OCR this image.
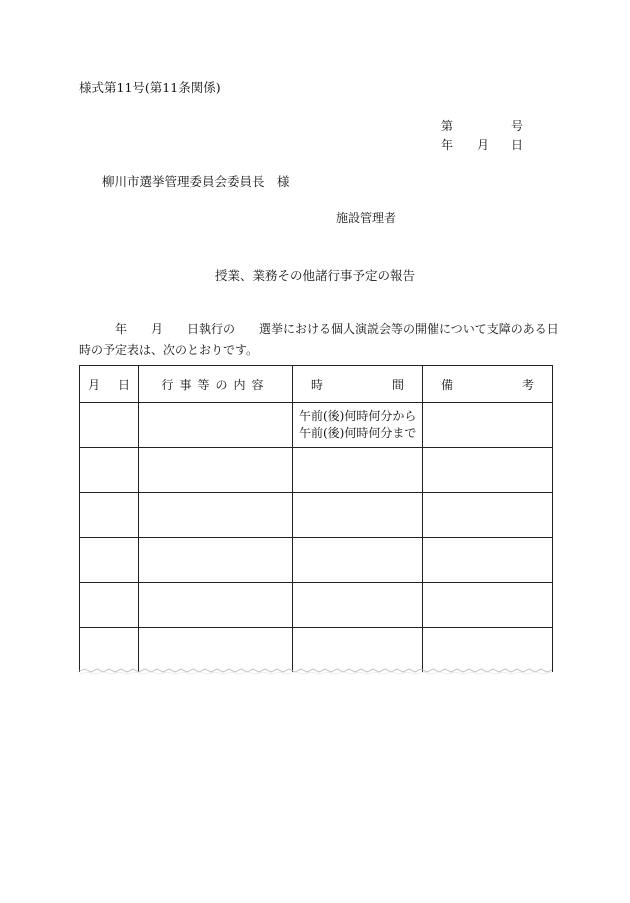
様式第11号(第11条関係)
第	号
年 月 日
柳川市選挙管理委員会委員長　様
施設管理者
授業、業務その他諸行事予定の報告
年 月 日執行の 選挙における個人演説会等の開催について支障のある日
時の予定表は、次のとおりです。
月 日	行事等の内容	時 間	備 考

		午前(後)何時何分から
午前(後)何時何分まで	
